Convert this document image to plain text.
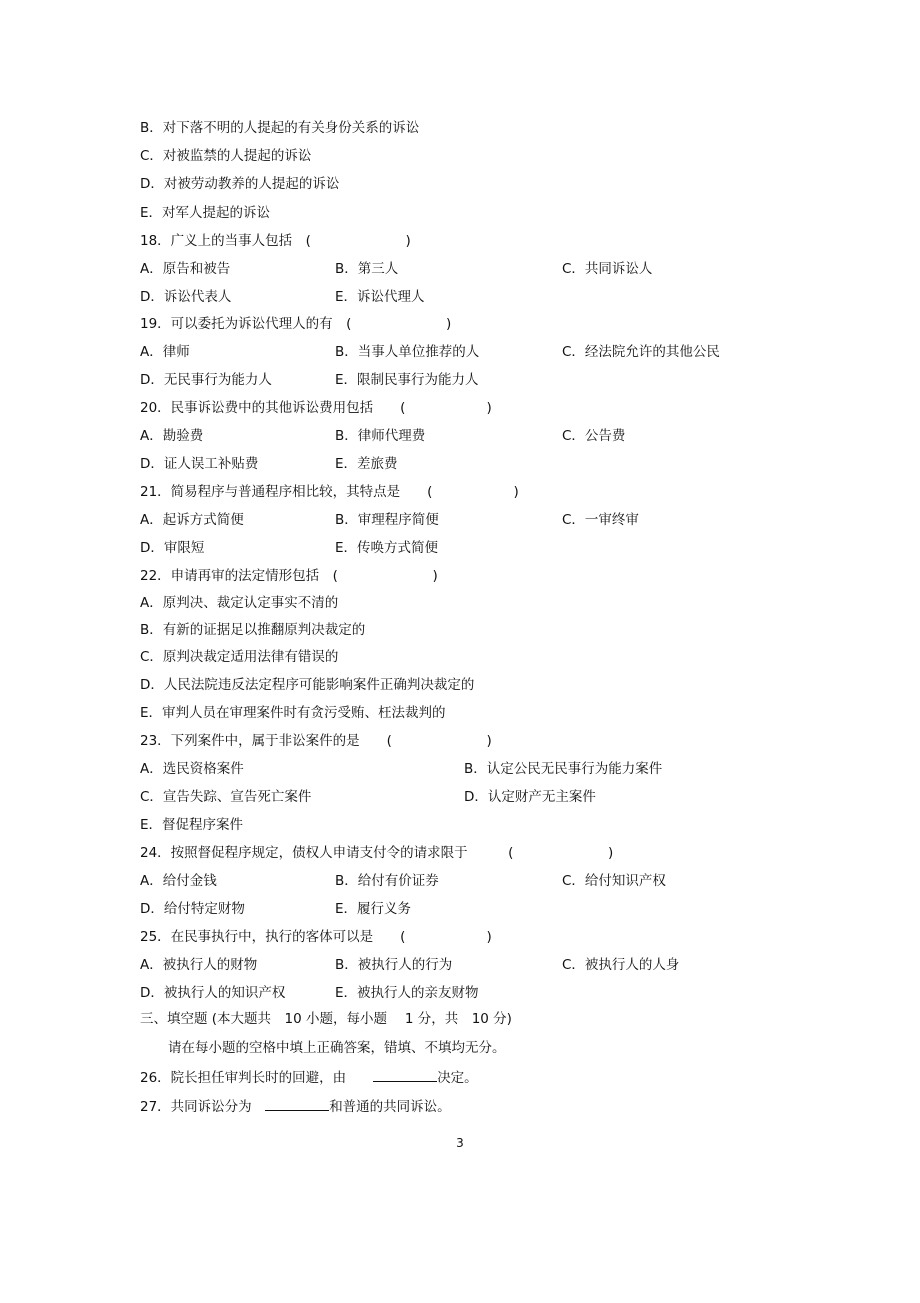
B．对下落不明的人提起的有关身份关系的诉讼
C．对被监禁的人提起的诉讼
D．对被劳动教养的人提起的诉讼
E．对军人提起的诉讼
18．广义上的当事人包括　(　　　　　　　)
A．原告和被告	B．第三人	C．共同诉讼人
D．诉讼代表人	E．诉讼代理人
19．可以委托为诉讼代理人的有　(　　　　　　　)
A．律师	B．当事人单位推荐的人	C．经法院允许的其他公民
D．无民事行为能力人	E．限制民事行为能力人
20．民事诉讼费中的其他诉讼费用包括　　(　　　　　　)
A．勘验费	B．律师代理费	C．公告费
D．证人误工补贴费	E．差旅费
21．简易程序与普通程序相比较，其特点是　　(　　　　　　)
A．起诉方式简便	B．审理程序简便	C．一审终审
D．审限短	E．传唤方式简便
22．申请再审的法定情形包括　(　　　　　　　)
A．原判决、裁定认定事实不清的
B．有新的证据足以推翻原判决裁定的
C．原判决裁定适用法律有错误的
D．人民法院违反法定程序可能影响案件正确判决裁定的
E．审判人员在审理案件时有贪污受贿、枉法裁判的
23．下列案件中，属于非讼案件的是　　(　　　　　　　)
A．选民资格案件	B．认定公民无民事行为能力案件
C．宣告失踪、宣告死亡案件	D．认定财产无主案件
E．督促程序案件
24．按照督促程序规定，债权人申请支付令的请求限于　　　(　　　　　　　)
A．给付金钱	B．给付有价证券	C．给付知识产权
D．给付特定财物	E．履行义务
25．在民事执行中，执行的客体可以是　　(　　　　　　)
A．被执行人的财物	B．被执行人的行为	C．被执行人的人身
D．被执行人的知识产权	E．被执行人的亲友财物
三、填空题 (本大题共　10 小题，每小题　 1 分，共　10 分)
请在每小题的空格中填上正确答案，错填、不填均无分。
26．院长担任审判长时的回避，由　　	决定。
27．共同诉讼分为　	和普通的共同诉讼。
3
